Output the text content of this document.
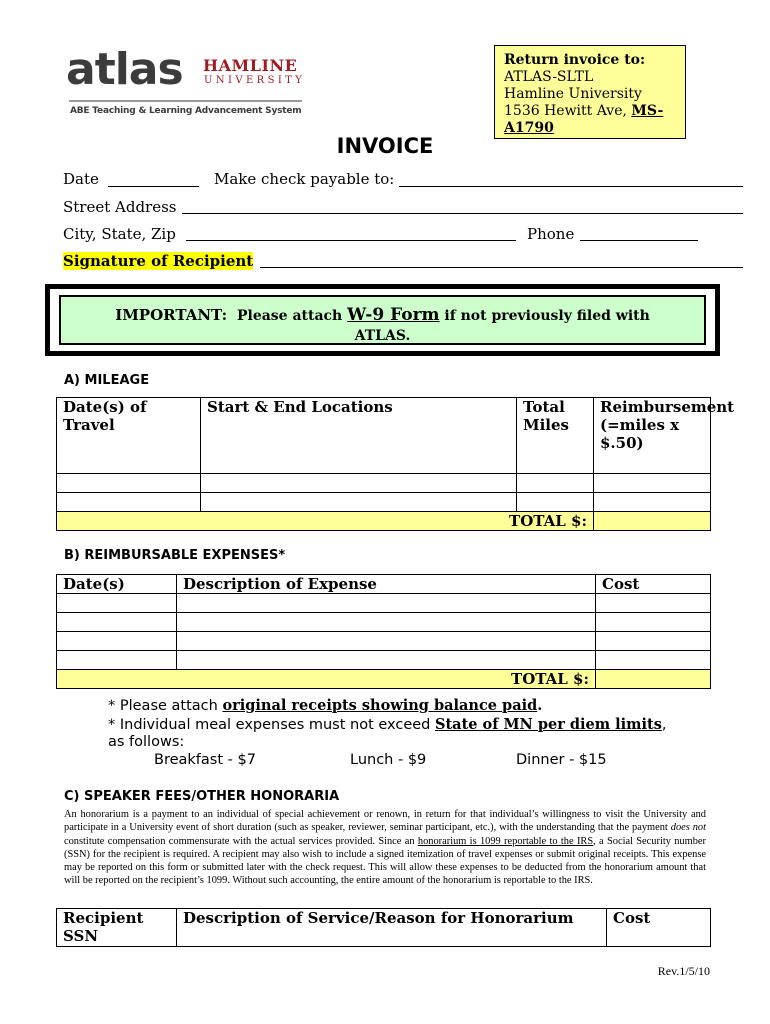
atlas HAMLINE
UNIVERSITY
ABE Teaching & Learning Advancement System
Return invoice to:
ATLAS-SLTL
Hamline University
1536 Hewitt Ave, MS-A1790
INVOICE
Date	Make check payable to:
Street Address
City, State, Zip	Phone
Signature of Recipient
IMPORTANT: Please attach W-9 Form if not previously filed with
ATLAS.
A) MILEAGE
Date(s) of Travel	Start & End Locations	Total Miles	Reimbursement (=miles x $.50)

TOTAL $:			
B) REIMBURSABLE EXPENSES*
Date(s)	Description of Expense	Cost

TOTAL $:		
* Please attach original receipts showing balance paid.
* Individual meal expenses must not exceed State of MN per diem limits,
as follows:
Breakfast - $7	Lunch - $9	Dinner - $15
C) SPEAKER FEES/OTHER HONORARIA
An honorarium is a payment to an individual of special achievement or renown, in return for that individual’s willingness to visit the University and participate in a University event of short duration (such as speaker, reviewer, seminar participant, etc.), with the understanding that the payment does not constitute compensation commensurate with the actual services provided. Since an honorarium is 1099 reportable to the IRS, a Social Security number (SSN) for the recipient is required. A recipient may also wish to include a signed itemization of travel expenses or submit original receipts. This expense may be reported on this form or submitted later with the check request. This will allow these expenses to be deducted from the honorarium amount that will be reported on the recipient’s 1099. Without such accounting, the entire amount of the honorarium is reportable to the IRS.
Recipient SSN	Description of Service/Reason for Honorarium	Cost
Rev.1/5/10
